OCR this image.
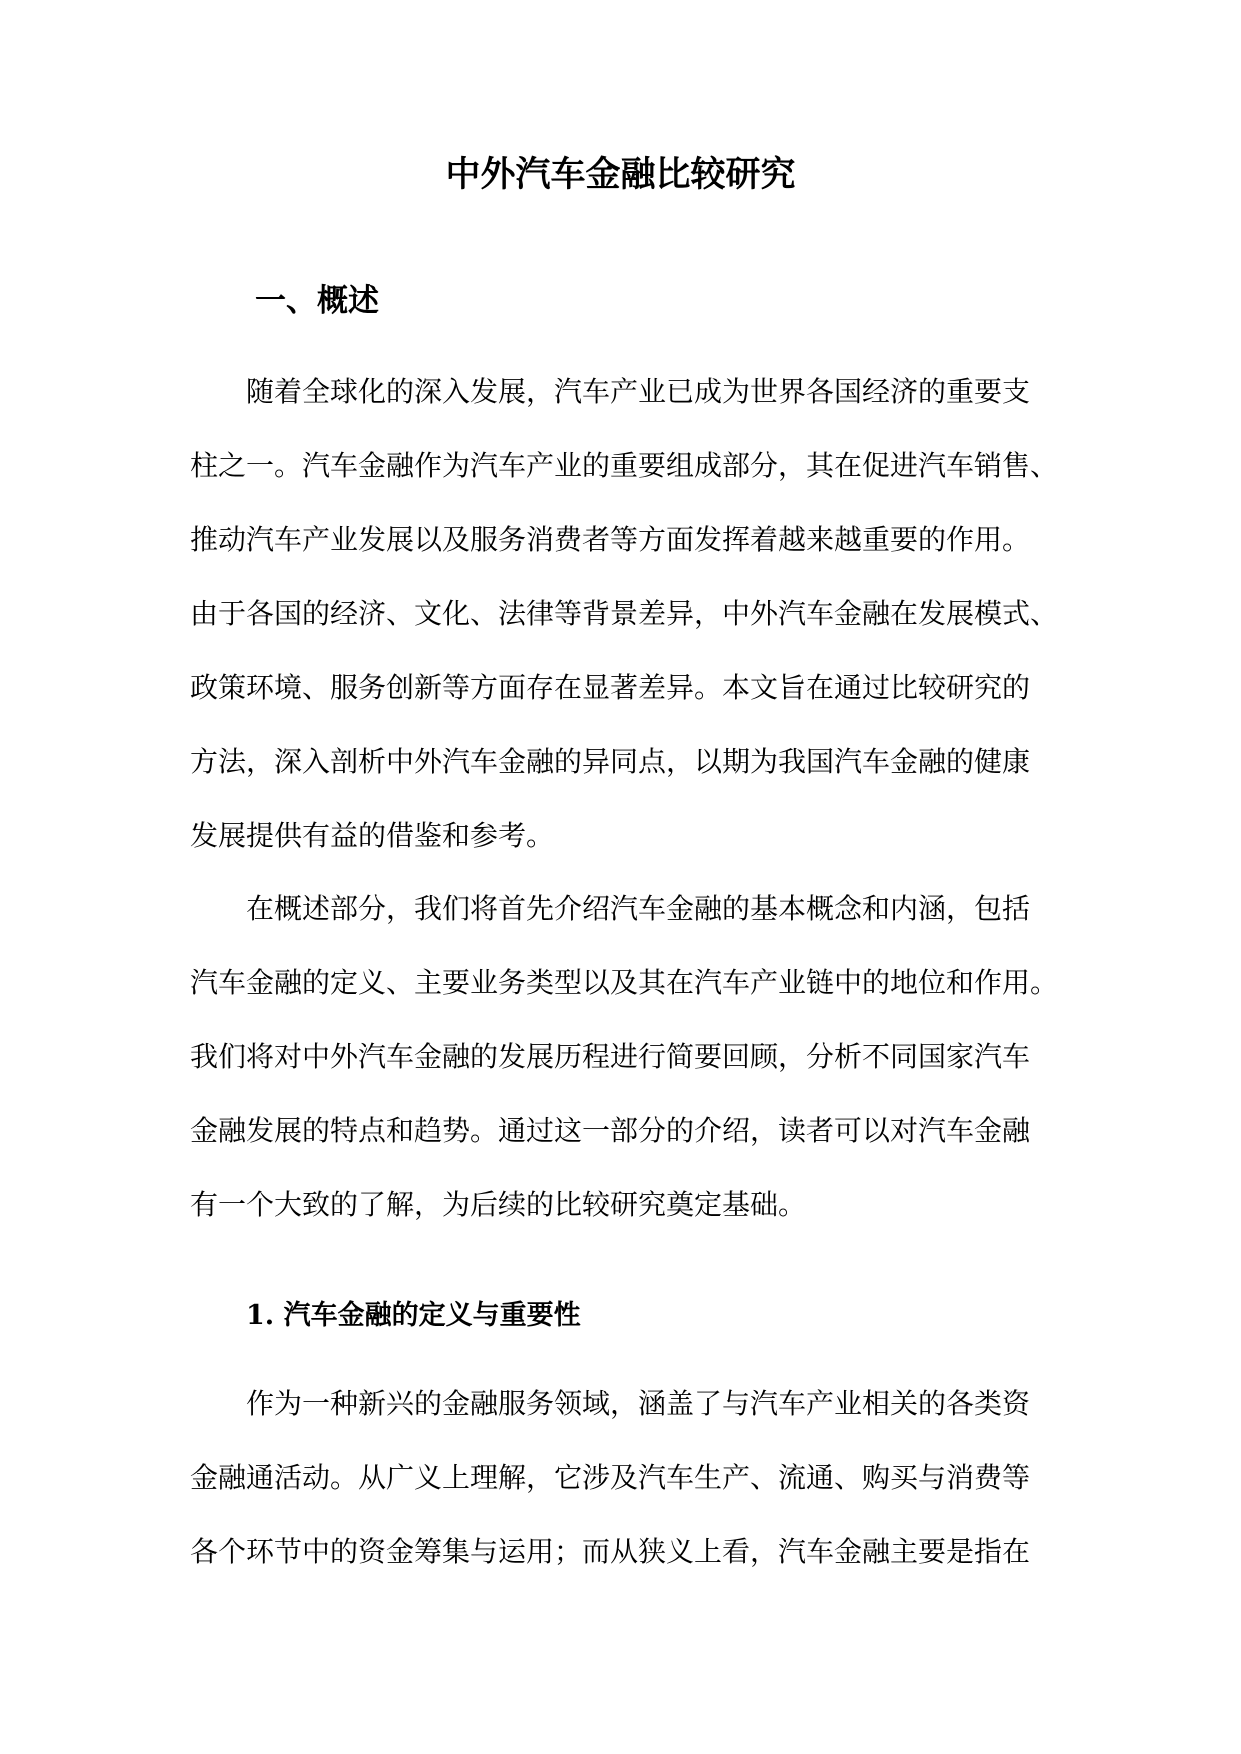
中外汽车金融比较研究
一、概述
随着全球化的深入发展，汽车产业已成为世界各国经济的重要支
柱之一。汽车金融作为汽车产业的重要组成部分，其在促进汽车销售、
推动汽车产业发展以及服务消费者等方面发挥着越来越重要的作用。
由于各国的经济、文化、法律等背景差异，中外汽车金融在发展模式、
政策环境、服务创新等方面存在显著差异。本文旨在通过比较研究的
方法，深入剖析中外汽车金融的异同点，以期为我国汽车金融的健康
发展提供有益的借鉴和参考。
在概述部分，我们将首先介绍汽车金融的基本概念和内涵，包括
汽车金融的定义、主要业务类型以及其在汽车产业链中的地位和作用。
我们将对中外汽车金融的发展历程进行简要回顾，分析不同国家汽车
金融发展的特点和趋势。通过这一部分的介绍，读者可以对汽车金融
有一个大致的了解，为后续的比较研究奠定基础。
1. 汽车金融的定义与重要性
作为一种新兴的金融服务领域，涵盖了与汽车产业相关的各类资
金融通活动。从广义上理解，它涉及汽车生产、流通、购买与消费等
各个环节中的资金筹集与运用；而从狭义上看，汽车金融主要是指在
